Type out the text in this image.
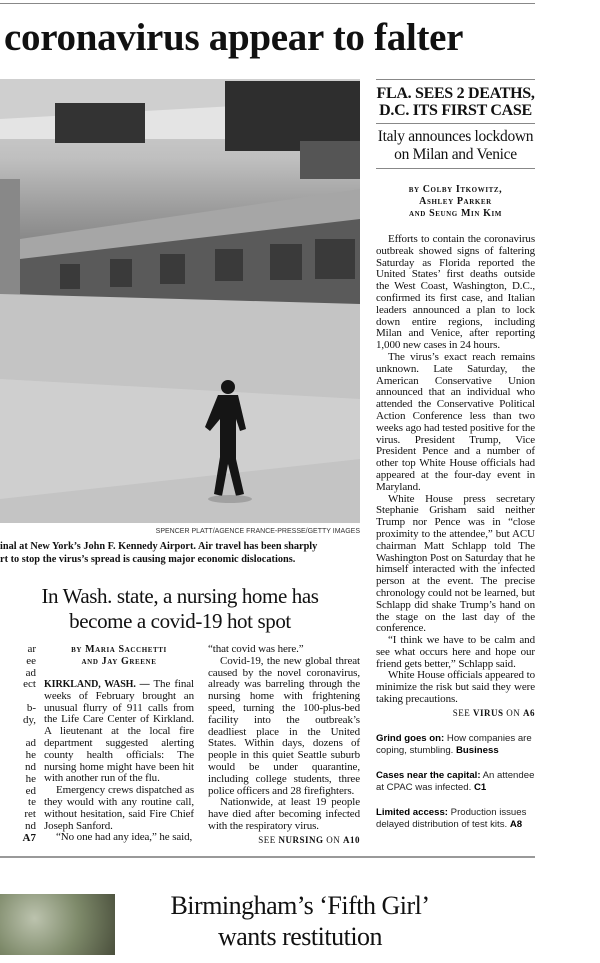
coronavirus appear to falter
SPENCER PLATT/AGENCE FRANCE-PRESSE/GETTY IMAGES
inal at New York’s John F. Kennedy Airport. Air travel has been sharply
rt to stop the virus’s spread is causing major economic dislocations.
In Wash. state, a nursing home has become a covid-19 hot spot
ar
ee
ad
ect

b-
dy,

ad
he
nd
he
ed
te
ret
nd
A7
by Maria Sacchetti
and Jay Greene

KIRKLAND, WASH. — The final weeks of February brought an unusual flurry of 911 calls from the Life Care Center of Kirkland. A lieutenant at the local fire department suggested alerting county health officials: The nursing home might have been hit with another run of the flu.

Emergency crews dispatched as they would with any routine call, without hesitation, said Fire Chief Joseph Sanford.

“No one had any idea,” he said,

“that covid was here.”

Covid-19, the new global threat caused by the novel coronavirus, already was barreling through the nursing home with frightening speed, turning the 100-plus-bed facility into the outbreak’s deadliest place in the United States. Within days, dozens of people in this quiet Seattle suburb would be under quarantine, including college students, three police officers and 28 firefighters.

Nationwide, at least 19 people have died after becoming infected with the respiratory virus.

SEE NURSING ON A10
FLA. SEES 2 DEATHS, D.C. ITS FIRST CASE
Italy announces lockdown on Milan and Venice
by Colby Itkowitz,
Ashley Parker
and Seung Min Kim

Efforts to contain the coronavirus outbreak showed signs of faltering Saturday as Florida reported the United States’ first deaths outside the West Coast, Washington, D.C., confirmed its first case, and Italian leaders announced a plan to lock down entire regions, including Milan and Venice, after reporting 1,000 new cases in 24 hours.

The virus’s exact reach remains unknown. Late Saturday, the American Conservative Union announced that an individual who attended the Conservative Political Action Conference less than two weeks ago had tested positive for the virus. President Trump, Vice President Pence and a number of other top White House officials had appeared at the four-day event in Maryland.

White House press secretary Stephanie Grisham said neither Trump nor Pence was in “close proximity to the attendee,” but ACU chairman Matt Schlapp told The Washington Post on Saturday that he himself interacted with the infected person at the event. The precise chronology could not be learned, but Schlapp did shake Trump’s hand on the stage on the last day of the conference.

“I think we have to be calm and see what occurs here and hope our friend gets better,” Schlapp said.

White House officials appeared to minimize the risk but said they were taking precautions.

SEE VIRUS ON A6
Grind goes on: How companies are coping, stumbling. Business
Cases near the capital: An attendee at CPAC was infected. C1
Limited access: Production issues delayed distribution of test kits. A8
Birmingham’s ‘Fifth Girl’ wants restitution
